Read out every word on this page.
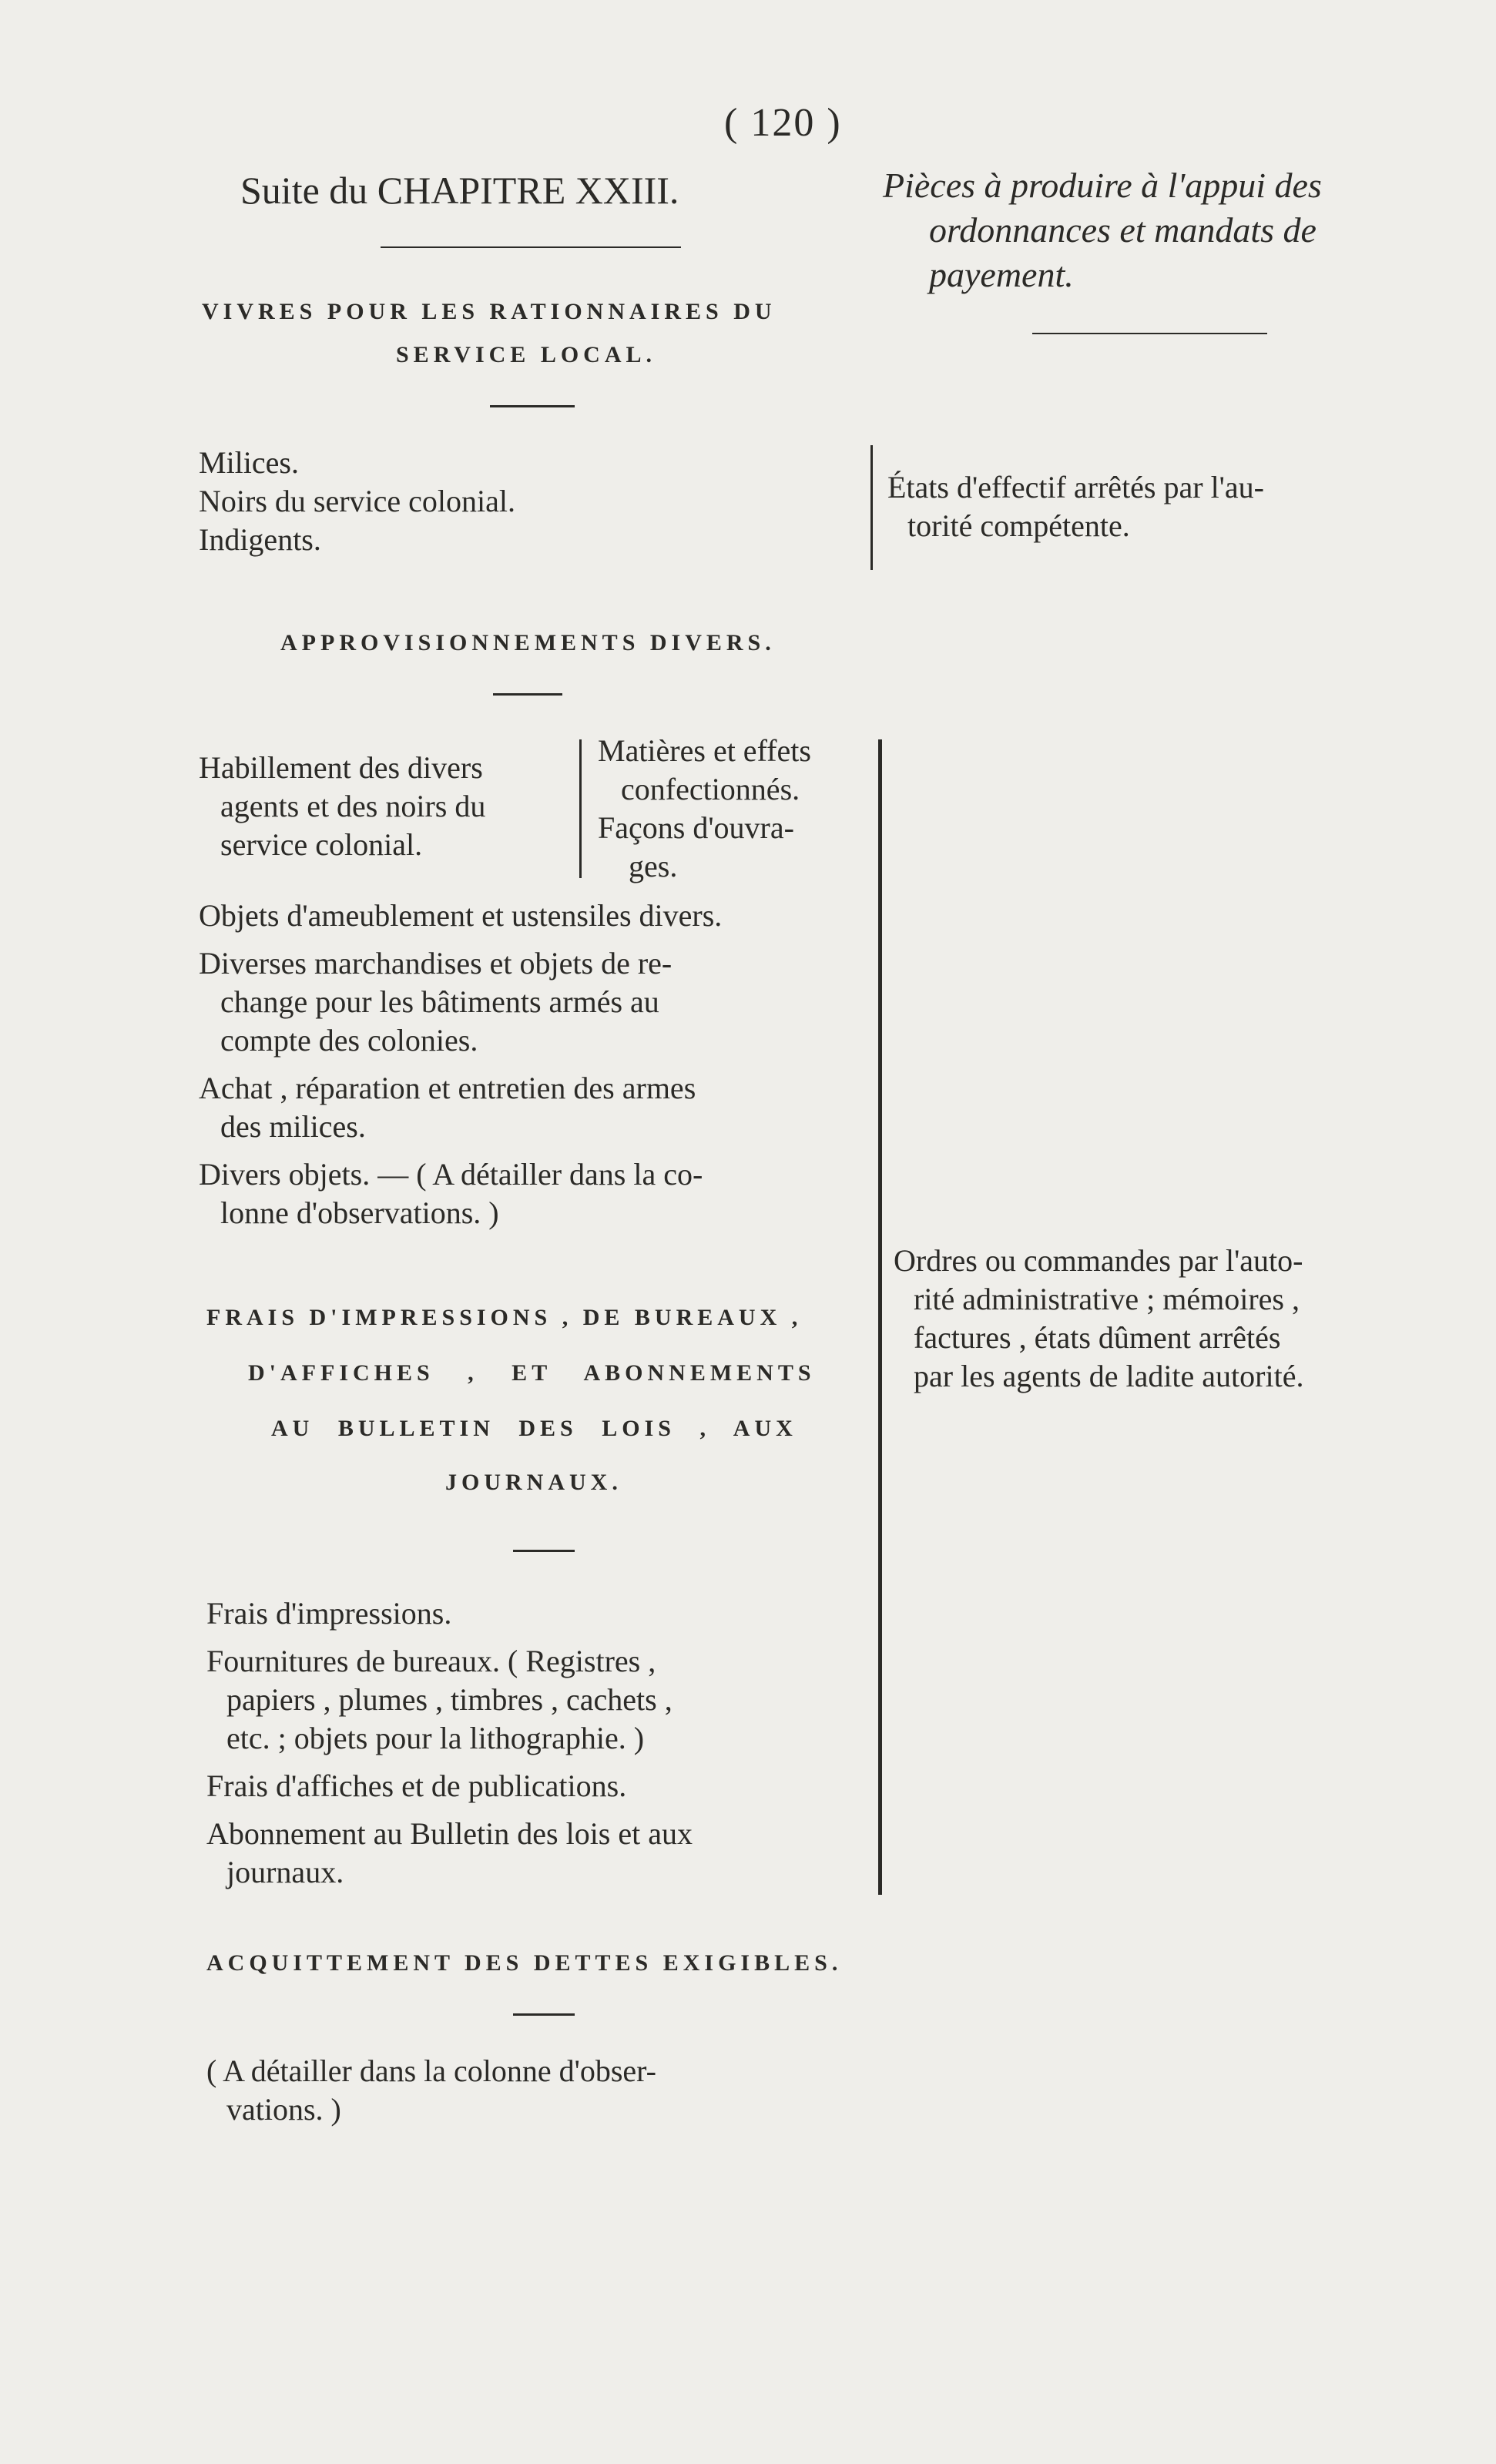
( 120 )
Suite du CHAPITRE XXIII.	Pièces à produire à l'appui des
ordonnances et mandats de
payement.
VIVRES POUR LES RATIONNAIRES DU
SERVICE LOCAL.
Milices.
Noirs du service colonial.
Indigents.
États d'effectif arrêtés par l'au-
torité compétente.
APPROVISIONNEMENTS DIVERS.
Habillement des divers
agents et des noirs du
service colonial.
Matières et effets
confectionnés.
Façons d'ouvra-
ges.
Objets d'ameublement et ustensiles divers.
Diverses marchandises et objets de re-
change pour les bâtiments armés au
compte des colonies.
Achat , réparation et entretien des armes
des milices.
Divers objets. — ( A détailler dans la co-
lonne d'observations. )
FRAIS D'IMPRESSIONS , DE BUREAUX ,
D'AFFICHES , ET ABONNEMENTS
AU BULLETIN DES LOIS , AUX
JOURNAUX.
Frais d'impressions.
Fournitures de bureaux. ( Registres ,
papiers , plumes , timbres , cachets ,
etc. ; objets pour la lithographie. )
Frais d'affiches et de publications.
Abonnement au Bulletin des lois et aux
journaux.
Ordres ou commandes par l'auto-
rité administrative ; mémoires ,
factures , états dûment arrêtés
par les agents de ladite autorité.
ACQUITTEMENT DES DETTES EXIGIBLES.
( A détailler dans la colonne d'obser-
vations. )
